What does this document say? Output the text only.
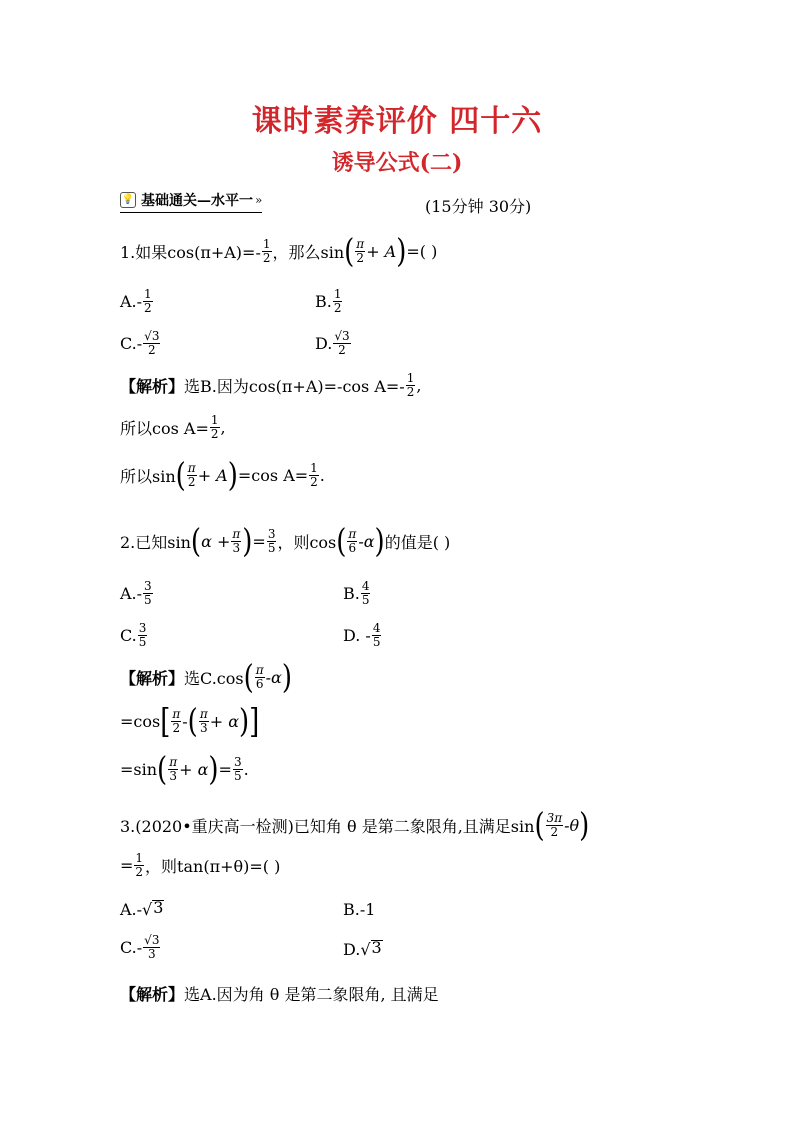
课时素养评价 四十六
诱导公式(二)
💡 基础通关—水平一 »	(15分钟 30分)
1.如果$\cos(\pi+A)=- \frac{1}{2}$ ，那么sin ( $\frac{\pi}{2} + A$ ) =( )
$A.- \frac{1}{2}$	B. $\frac{1}{2}$
$C.- \frac{√3}{2}$	D. $\frac{√3}{2}$
【解析】 选B.因为cos(π+A)=-cos $A=- \frac{1}{2}$ ,
所以$\cos A= \frac{1}{2}$ ,
所以sin ( $\frac{\pi}{2} + A$ ) =cos $A= \frac{1}{2}$ .
2.已知sin ( $\alpha + \frac{\pi}{3}$ ) = $\frac{3}{5}$ ，则cos ( $\frac{\pi}{6} -\alpha$ ) 的值是( )
$A.- \frac{3}{5}$	B. $\frac{4}{5}$
C. $\frac{3}{5}$	D. - $\frac{4}{5}$
【解析】 选C.cos ( $\frac{\pi}{6} -\alpha$ )
=cos [ $\frac{\pi}{2}$ - ( $\frac{\pi}{3} + \alpha$ ) ]
=sin ( $\frac{\pi}{3} + \alpha$ ) = $\frac{3}{5}$ .
3.(2020•重庆高一检测)已知角 θ 是第二象限角,且满足sin ( $\frac{3\pi}{2} -\theta$ )
= $\frac{1}{2}$ ，则tan(π+θ)=( )
A.- √ 3	B.-1
$C.- \frac{√3}{3}$	D. √ 3
【解析】 选A.因为角 θ 是第二象限角, 且满足
